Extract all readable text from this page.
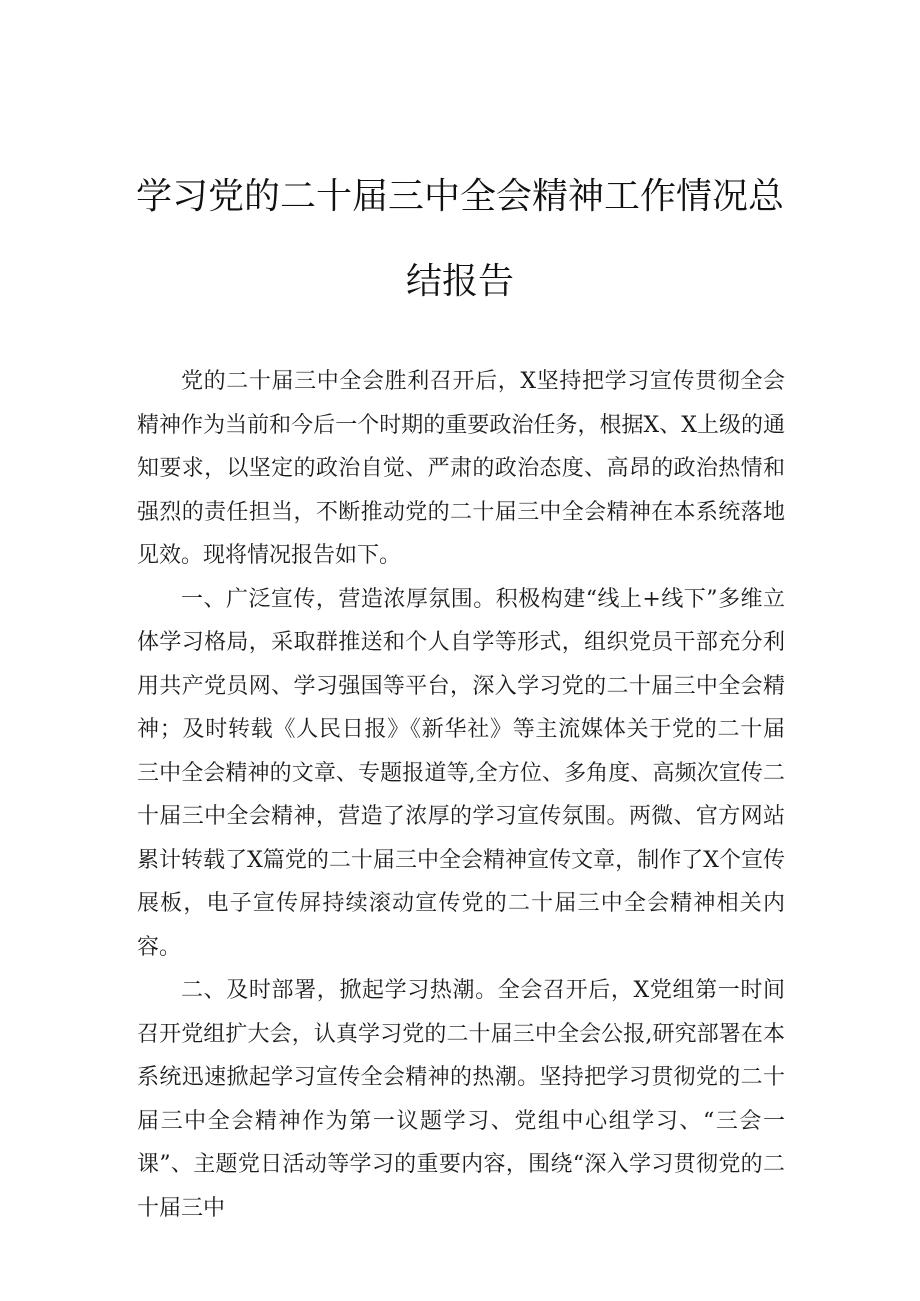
学习党的二十届三中全会精神工作情况总
结报告

党的二十届三中全会胜利召开后，X坚持把学习宣传贯彻全会精神作为当前和今后一个时期的重要政治任务，根据X、X上级的通知要求，以坚定的政治自觉、严肃的政治态度、高昂的政治热情和强烈的责任担当，不断推动党的二十届三中全会精神在本系统落地见效。现将情况报告如下。

一、广泛宣传，营造浓厚氛围。积极构建“线上+线下”多维立体学习格局，采取群推送和个人自学等形式，组织党员干部充分利用共产党员网、学习强国等平台，深入学习党的二十届三中全会精神；及时转载《人民日报》《新华社》等主流媒体关于党的二十届三中全会精神的文章、专题报道等,全方位、多角度、高频次宣传二十届三中全会精神，营造了浓厚的学习宣传氛围。两微、官方网站累计转载了X篇党的二十届三中全会精神宣传文章，制作了X个宣传展板，电子宣传屏持续滚动宣传党的二十届三中全会精神相关内容。

二、及时部署，掀起学习热潮。全会召开后，X党组第一时间召开党组扩大会，认真学习党的二十届三中全会公报,研究部署在本系统迅速掀起学习宣传全会精神的热潮。坚持把学习贯彻党的二十届三中全会精神作为第一议题学习、党组中心组学习、“三会一课”、主题党日活动等学习的重要内容，围绕“深入学习贯彻党的二十届三中
